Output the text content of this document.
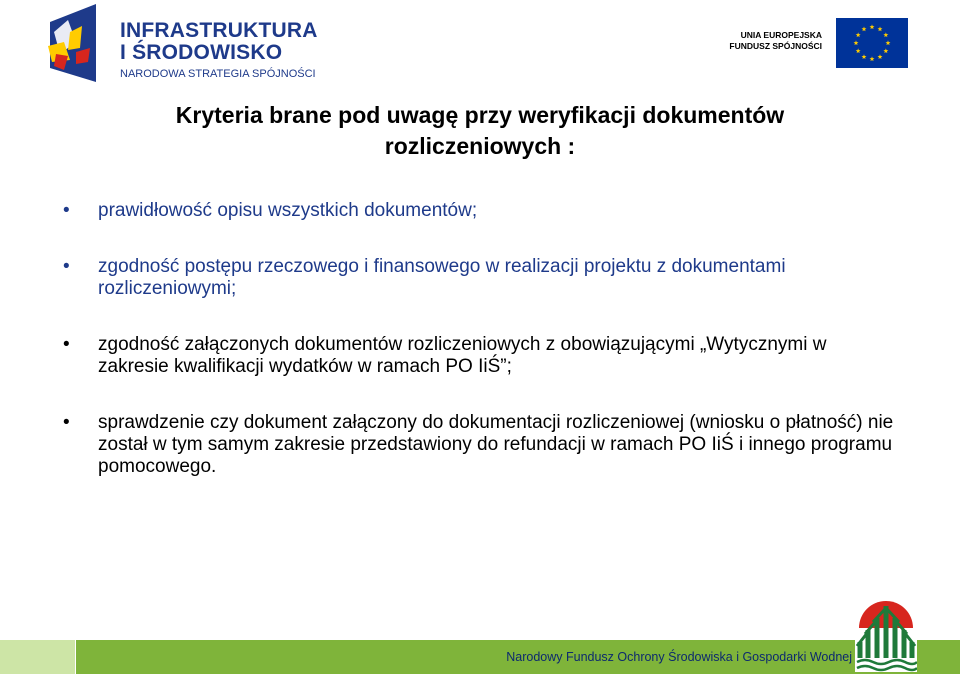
INFRASTRUKTURA
I ŚRODOWISKO
NARODOWA STRATEGIA SPÓJNOŚCI
UNIA EUROPEJSKA
FUNDUSZ SPÓJNOŚCI
Kryteria brane pod uwagę przy weryfikacji dokumentów
rozliczeniowych :
• prawidłowość opisu wszystkich dokumentów;
• zgodność postępu rzeczowego i finansowego w realizacji projektu z dokumentami rozliczeniowymi;
• zgodność załączonych dokumentów rozliczeniowych z obowiązującymi „Wytycznymi w zakresie kwalifikacji wydatków w ramach PO IiŚ”;
• sprawdzenie czy dokument załączony do dokumentacji rozliczeniowej (wniosku o płatność) nie został w tym samym zakresie przedstawiony do refundacji w ramach PO IiŚ i innego programu pomocowego.
Narodowy Fundusz Ochrony Środowiska i Gospodarki Wodnej
